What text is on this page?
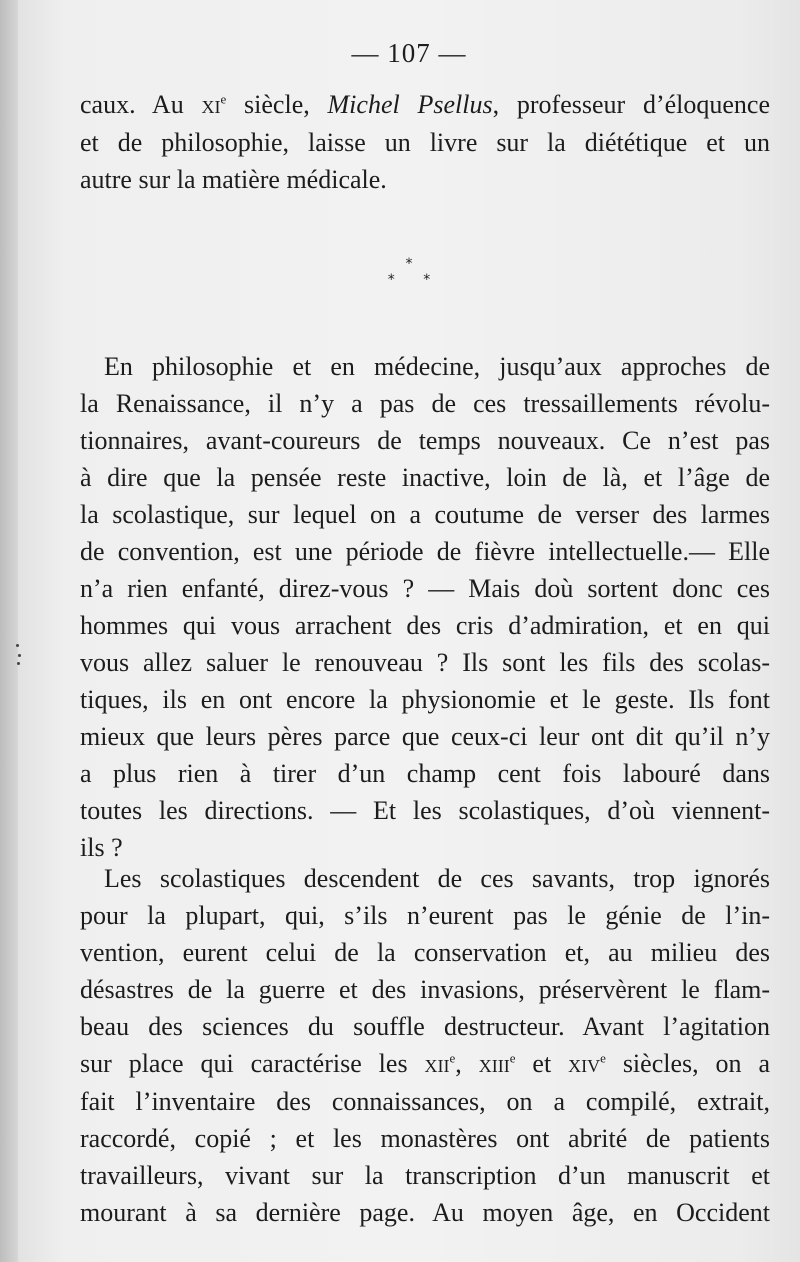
— 107 —
caux. Au $xi^e$ siècle, Michel Psellus, professeur d’éloquence
et de philosophie, laisse un livre sur la diététique et un
autre sur la matière médicale.
*
* *
En philosophie et en médecine, jusqu’aux approches de
la Renaissance, il n’y a pas de ces tressaillements révolu-
tionnaires, avant-coureurs de temps nouveaux. Ce n’est pas
à dire que la pensée reste inactive, loin de là, et l’âge de
la scolastique, sur lequel on a coutume de verser des larmes
de convention, est une période de fièvre intellectuelle.— Elle
n’a rien enfanté, direz-vous ? — Mais doù sortent donc ces
hommes qui vous arrachent des cris d’admiration, et en qui
vous allez saluer le renouveau ? Ils sont les fils des scolas-
tiques, ils en ont encore la physionomie et le geste. Ils font
mieux que leurs pères parce que ceux-ci leur ont dit qu’il n’y
a plus rien à tirer d’un champ cent fois labouré dans
toutes les directions. — Et les scolastiques, d’où viennent-
ils ?
Les scolastiques descendent de ces savants, trop ignorés
pour la plupart, qui, s’ils n’eurent pas le génie de l’in-
vention, eurent celui de la conservation et, au milieu des
désastres de la guerre et des invasions, préservèrent le flam-
beau des sciences du souffle destructeur. Avant l’agitation
sur place qui caractérise les xii$^e$, xiii$^e$ et xiv$^e$ siècles, on a
fait l’inventaire des connaissances, on a compilé, extrait,
raccordé, copié ; et les monastères ont abrité de patients
travailleurs, vivant sur la transcription d’un manuscrit et
mourant à sa dernière page. Au moyen âge, en Occident
